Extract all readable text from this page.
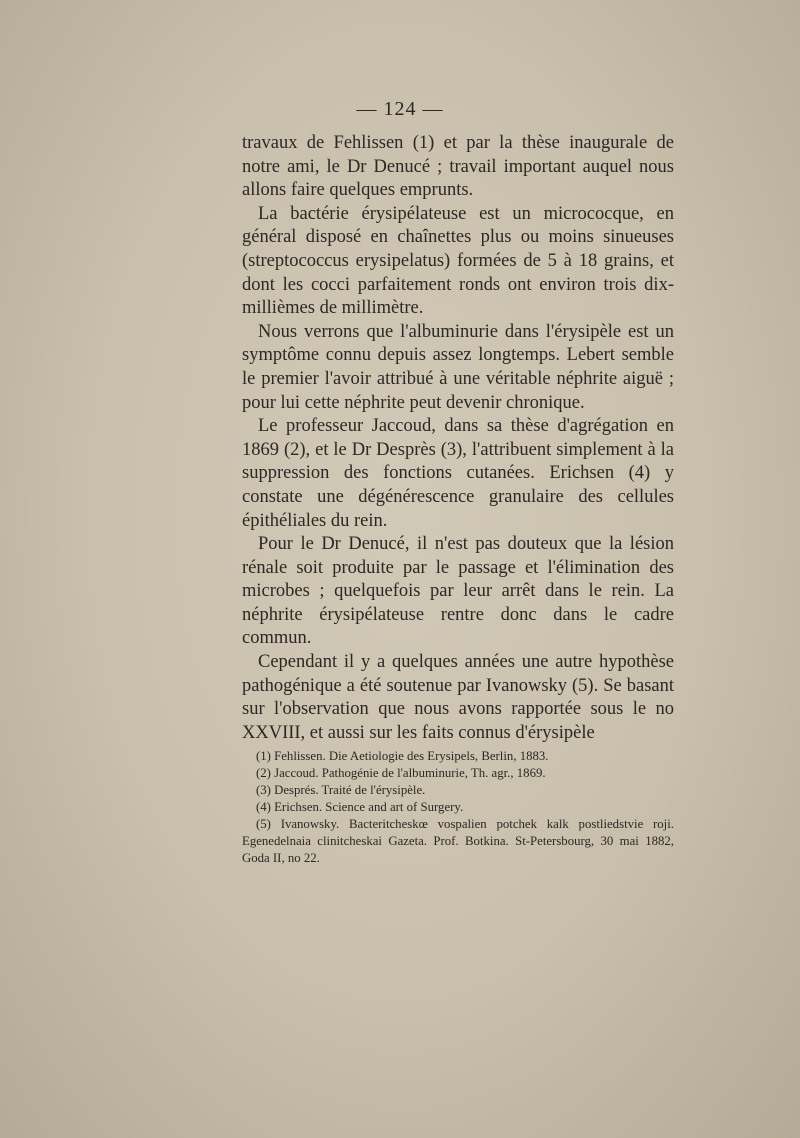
— 124 —

travaux de Fehlissen (1) et par la thèse inaugurale de notre ami, le Dr Denucé ; travail important auquel nous allons faire quelques emprunts.

La bactérie érysipélateuse est un micrococque, en général disposé en chaînettes plus ou moins sinueuses (streptococcus erysipelatus) formées de 5 à 18 grains, et dont les cocci parfaitement ronds ont environ trois dix-millièmes de millimètre.

Nous verrons que l'albuminurie dans l'érysipèle est un symptôme connu depuis assez longtemps. Lebert semble le premier l'avoir attribué à une véritable néphrite aiguë ; pour lui cette néphrite peut devenir chronique.

Le professeur Jaccoud, dans sa thèse d'agrégation en 1869 (2), et le Dr Desprès (3), l'attribuent simplement à la suppression des fonctions cutanées. Erichsen (4) y constate une dégénérescence granulaire des cellules épithéliales du rein.

Pour le Dr Denucé, il n'est pas douteux que la lésion rénale soit produite par le passage et l'élimination des microbes ; quelquefois par leur arrêt dans le rein. La néphrite érysipélateuse rentre donc dans le cadre commun.

Cependant il y a quelques années une autre hypothèse pathogénique a été soutenue par Ivanowsky (5). Se basant sur l'observation que nous avons rapportée sous le no XXVIII, et aussi sur les faits connus d'érysipèle

(1) Fehlissen. Die Aetiologie des Erysipels, Berlin, 1883.
(2) Jaccoud. Pathogénie de l'albuminurie, Th. agr., 1869.
(3) Després. Traité de l'érysipèle.
(4) Erichsen. Science and art of Surgery.
(5) Ivanowsky. Bacteritcheskœ vospalien potchek kalk postliedstvie roji. Egenedelnaia clinitcheskai Gazeta. Prof. Botkina. St-Petersbourg, 30 mai 1882, Goda II, no 22.
